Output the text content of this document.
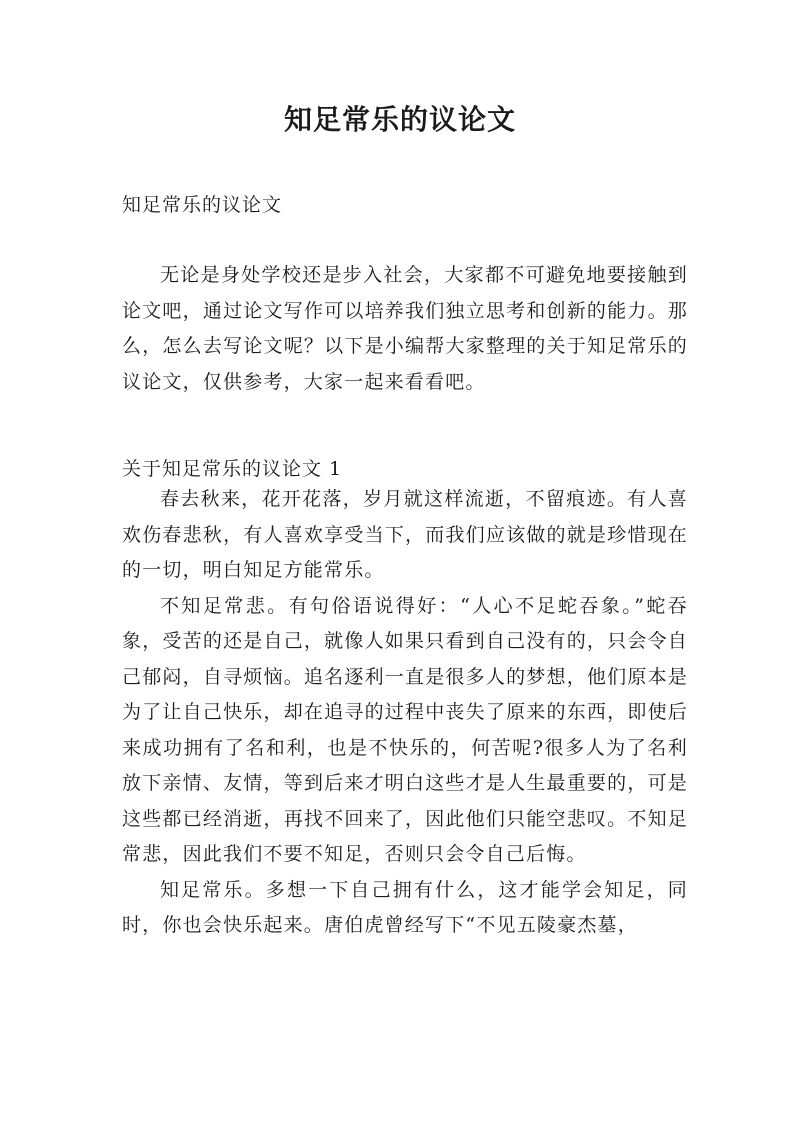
知足常乐的议论文
知足常乐的议论文

无论是身处学校还是步入社会，大家都不可避免地要接触到论文吧，通过论文写作可以培养我们独立思考和创新的能力。那么，怎么去写论文呢？以下是小编帮大家整理的关于知足常乐的议论文，仅供参考，大家一起来看看吧。

关于知足常乐的议论文 1

春去秋来，花开花落，岁月就这样流逝，不留痕迹。有人喜欢伤春悲秋，有人喜欢享受当下，而我们应该做的就是珍惜现在的一切，明白知足方能常乐。

不知足常悲。有句俗语说得好：“人心不足蛇吞象。”蛇吞象，受苦的还是自己，就像人如果只看到自己没有的，只会令自己郁闷，自寻烦恼。追名逐利一直是很多人的梦想，他们原本是为了让自己快乐，却在追寻的过程中丧失了原来的东西，即使后来成功拥有了名和利，也是不快乐的，何苦呢?很多人为了名利放下亲情、友情，等到后来才明白这些才是人生最重要的，可是这些都已经消逝，再找不回来了，因此他们只能空悲叹。不知足常悲，因此我们不要不知足，否则只会令自己后悔。

知足常乐。多想一下自己拥有什么，这才能学会知足，同时，你也会快乐起来。唐伯虎曾经写下“不见五陵豪杰墓，
